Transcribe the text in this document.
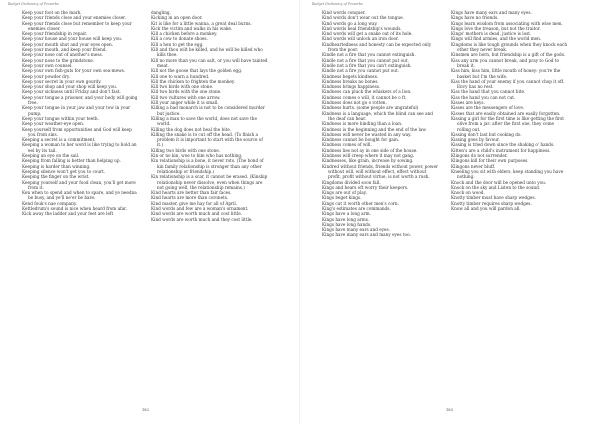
Budget Dictionary of Proverbs
Keep your foot on the mark.
Keep your friends close and your enemies closer.
Keep your friends close but remember to keep your enemies closer.
Keep your friendship in repair.
Keep your house and your house will keep you.
Keep your mouth shut and your eyes open.
Keep your mouth, and keep your friend.
Keep your nose out of another's mess.
Keep your nose to the grindstone.
Keep your own counsel.
Keep your own fish-guts for your own sea-mews.
Keep your powder dry.
Keep your secret in your own gourdy.
Keep your shop and your shop will keep you.
Keep your sickness until Friday and don't fast.
Keep your tongue a prisoner, and your body will going free.
Keep your tongue in your jaw and your tow in your pump.
Keep your tongue within your teeth.
Keep your weather-eye open.
Keep yourself from opportunities and God will keep you from sins.
Keeping a secret is a commitment.
Keeping a woman to her word is like trying to hold an eel by its tail.
Keeping an eye on the sail.
Keeping from falling is better than helping up.
Keeping is harder than winning.
Keeping silence won't get you to court.
Keeping the finger on the wrist.
Keeping yourself and your food clean, you'll get more from it.
Ken when to spend and when to spare, and ye needna be busy, and ye'll ne'er be bare.
Kend fouk's nae company.
Kettledrum's sound is nice when heard from afar.
Kick away the ladder and your feet are left
dangling.
Kicking in an open door.
Kit is like for a little wanna, a great deal burns.
Kick the victim and walks in his wake.
Kill a chicken before a monkey.
Kill a cow to donate shoes.
Kill a hen to get the egg.
Kill and thou wilt be killed, and he will be killed who kills thee.
Kill no more than you can salt, or you will have tainted meat.
Kill not the goose that lays the golden egg.
Kill one to warn a hundred.
Kill the chicken to frighten the monkey.
Kill two birds with one stone.
Kill two birds with the one stone.
Kill two vultures with one arrow.
Kill your anger while it is small.
Killing a bad monarch is not to be considered murder but justice.
Killing a man to save the world, does not save the world.
Killing the dog does not heal the bite.
Killing the snake is to cut off the head. (To finish a problem it is important to start with the source of it.)
Killing two birds with one stone.
Kin or no kin, woe to him who has nothing.
Kin relationship is a bone, it never rots. (The bond of kin family relationship is stronger than any other relationship or friendship.)
Kin relationship is a scar, it cannot be erased. (Kinship relationship never dissolve, even when things are not going well, the relationship remains.)
Kind hearts are better than fair faces.
Kind hearts are more than coronets.
Kind master, give me hay for all of April.
Kind words and few are a woman's ornament.
Kind words are worth much and cost little.
Kind words are worth much and they cost little.
182
Budget Dictionary of Proverbs
Kind words conquer.
Kind words don't wear out the tongue.
Kind words go a long way.
Kind words heal friendship's wounds.
Kind words will get a snake out of its hole.
Kind words will unlock an iron door.
Kindheartedness and honesty can be expected only from the poor.
Kindle not a fire that you cannot extinguish.
Kindle not a fire that you cannot put out.
Kindle not a fire that you can't extinguish.
Kindle not a fire you cannot put out.
Kindness begets kindness.
Kindness breaks no bones.
Kindness brings happiness.
Kindness can pluck the whiskers of a lion.
Kindness comes o will, it cannot be o ft.
Kindness does not go o rotten.
Kindness hurts. (some people are ungrateful)
Kindness is a language, which the blind can see and the deaf can hear.
Kindness is more binding than a loan.
Kindness is the beginning and the end of the law.
Kindness will never be wasted in any way.
Kindness cannot be bought for gain.
Kindness comes of will.
Kindness lies not ay in one side of the house.
Kindness will creep where it may not gang.
Kindnesses, like grain, increase by sowing.
Kindred without friends, friends without power, power without will, will without effect, effect without profit, profit without virtue, is not worth a rush.
Kingdoms divided soon fall.
Kings and bears oft worry their keepers.
Kings are out of play.
Kings beget kings.
Kings cut it worth other men's corn.
King's estimates are commands.
Kings have a long arm.
Kings have long arms.
Kings have long hands.
Kings have many ears and eyes.
Kings have many ears and many eyes too.
Kings have many ears and many eyes.
Kings have no friends.
Kings learn wisdom from associating with wise men.
Kings love the treason, but not the traitor.
Kings' mothers is dead, justice is lost.
Kings will find armies, and the world men.
Kingdoms is like tough grounds when they knock each other they never break.
Kinsmen are born, but friendship is a gift of the gods.
Kiss any arm you cannot break, and pray to God to break it.
Kiss him, kiss him, little mouth of honey: you're the basket but I'm the wife.
Kiss the hand of your enemy if you cannot chop it off. Envy has no rest.
Kiss the hand that you cannot bite.
Kiss the hand you can not cut.
Kisses are keys.
Kisses are the messengers of love.
Kisses that are easily obtained are easily forgotten.
Kissing a girl for the first time is like getting the first olive from a jar: after the first one, they come rolling out.
Kissing don't last but cooking do.
Kissing goes by favour.
Kissing is tried down since the shaking o' hands.
Kitten's are a child's instrument for happiness.
Klingons do not surrender.
Klingons kill for their own purposes.
Klingons never bluff.
Kneeling you sit with elders, keep standing you have nothing.
Knock and the door will be opened unto you.
Knock on the sky and Listen to the sound.
Knock on wood.
Knotty timber must have sharp wedges.
Knotty timber requires sharp wedges.
Know all and you will pardon all.
183
